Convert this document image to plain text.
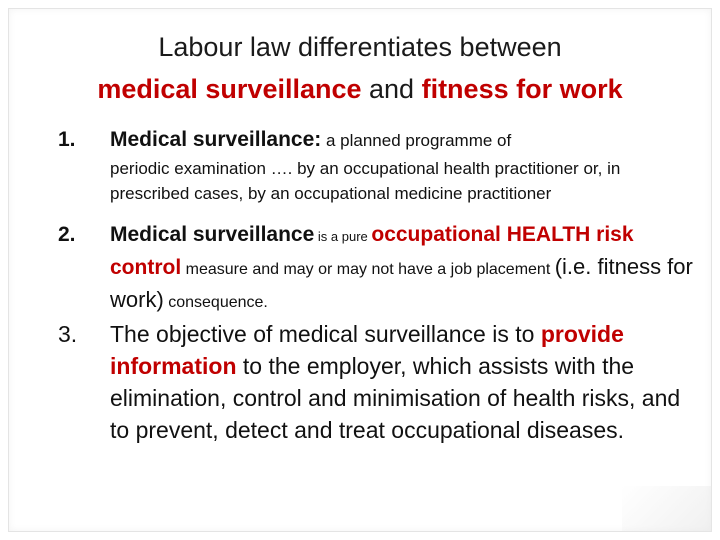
Labour law differentiates between
medical surveillance and fitness for work
1. Medical surveillance: a planned programme of
periodic examination …. by an occupational health practitioner or, in prescribed cases, by an occupational medicine practitioner
2. Medical surveillance is a pure occupational HEALTH risk control measure and may or may not have a job placement (i.e. fitness for work) consequence.
3. The objective of medical surveillance is to provide information to the employer, which assists with the elimination, control and minimisation of health risks, and to prevent, detect and treat occupational diseases.
